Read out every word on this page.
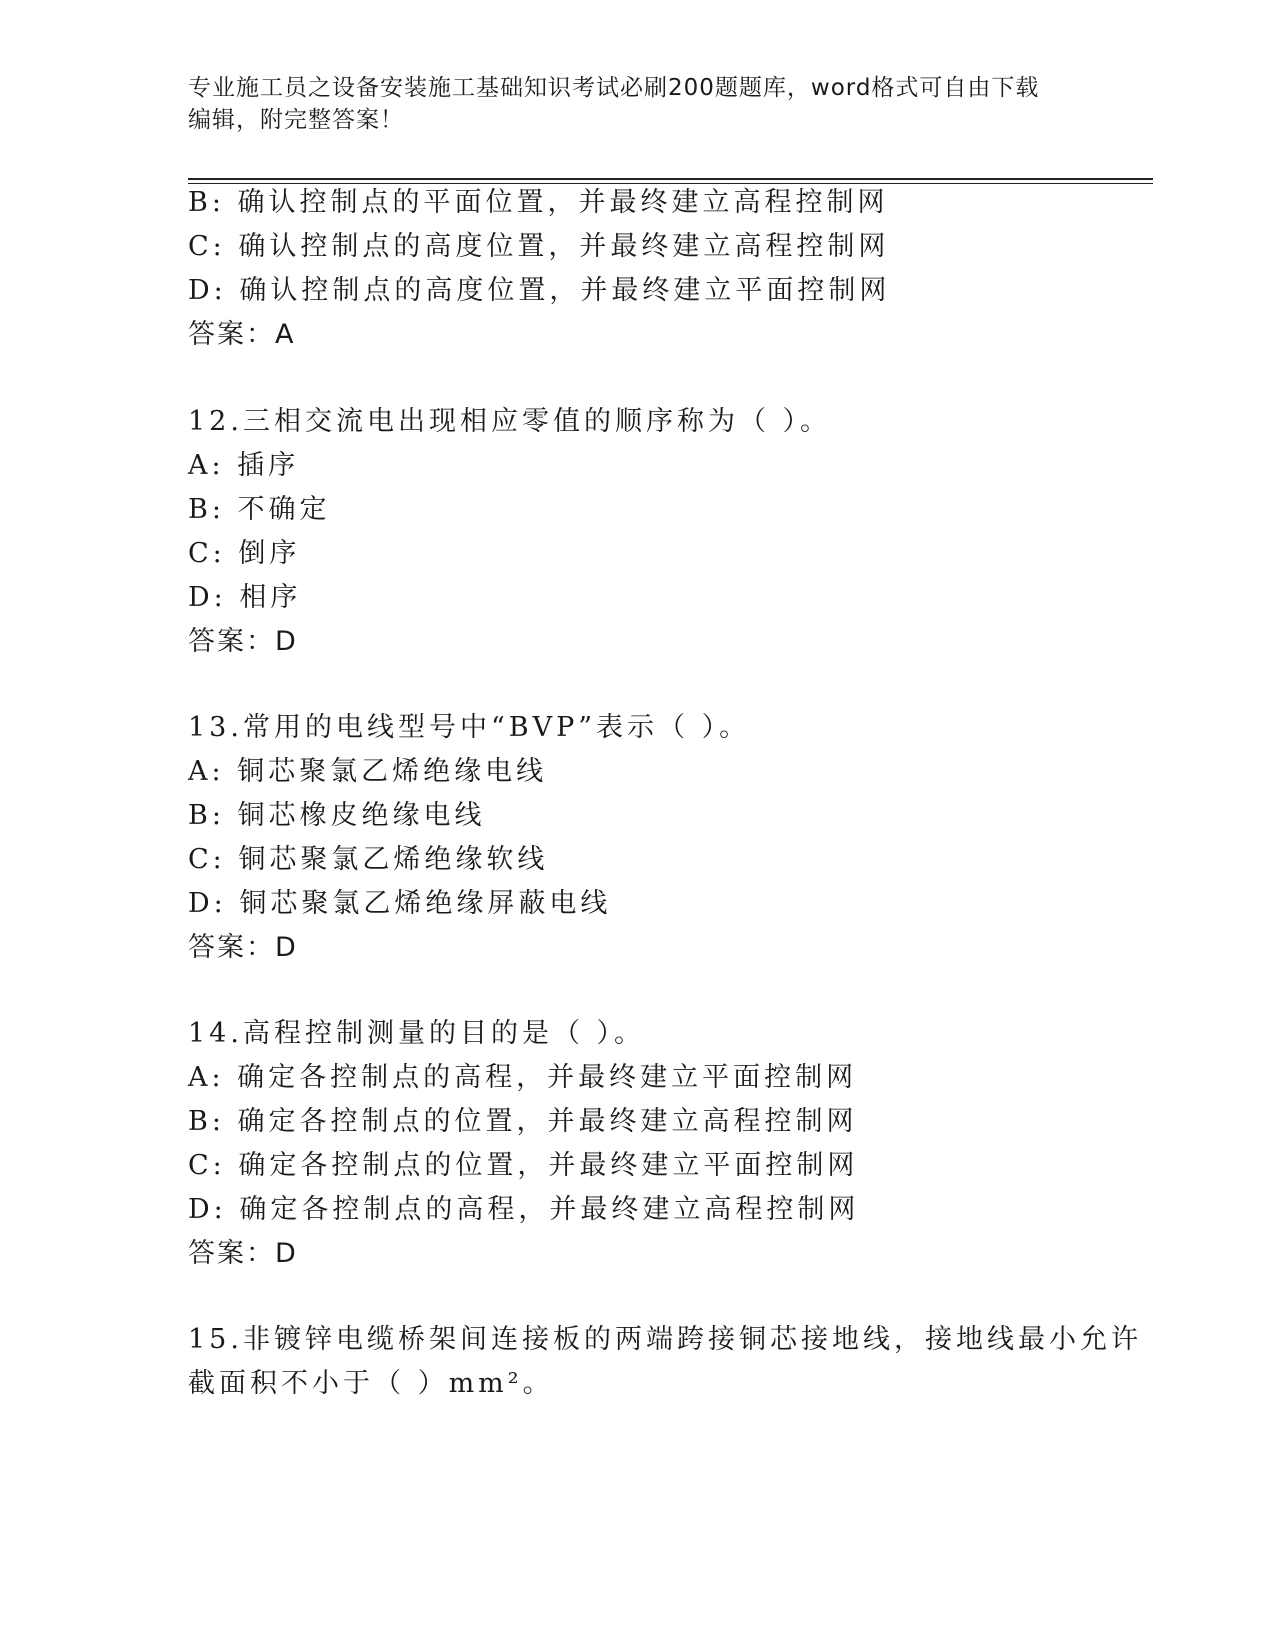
专业施工员之设备安装施工基础知识考试必刷200题题库，word格式可自由下载
编辑，附完整答案！
B: 确认控制点的平面位置，并最终建立高程控制网
C: 确认控制点的高度位置，并最终建立高程控制网
D: 确认控制点的高度位置，并最终建立平面控制网
答案：A
12.三相交流电出现相应零值的顺序称为（ ）。
A: 插序
B: 不确定
C: 倒序
D: 相序
答案：D
13.常用的电线型号中“BVP”表示（ ）。
A: 铜芯聚氯乙烯绝缘电线
B: 铜芯橡皮绝缘电线
C: 铜芯聚氯乙烯绝缘软线
D: 铜芯聚氯乙烯绝缘屏蔽电线
答案：D
14.高程控制测量的目的是（ ）。
A: 确定各控制点的高程，并最终建立平面控制网
B: 确定各控制点的位置，并最终建立高程控制网
C: 确定各控制点的位置，并最终建立平面控制网
D: 确定各控制点的高程，并最终建立高程控制网
答案：D
15.非镀锌电缆桥架间连接板的两端跨接铜芯接地线，接地线最小允许
截面积不小于（ ）mm²。
